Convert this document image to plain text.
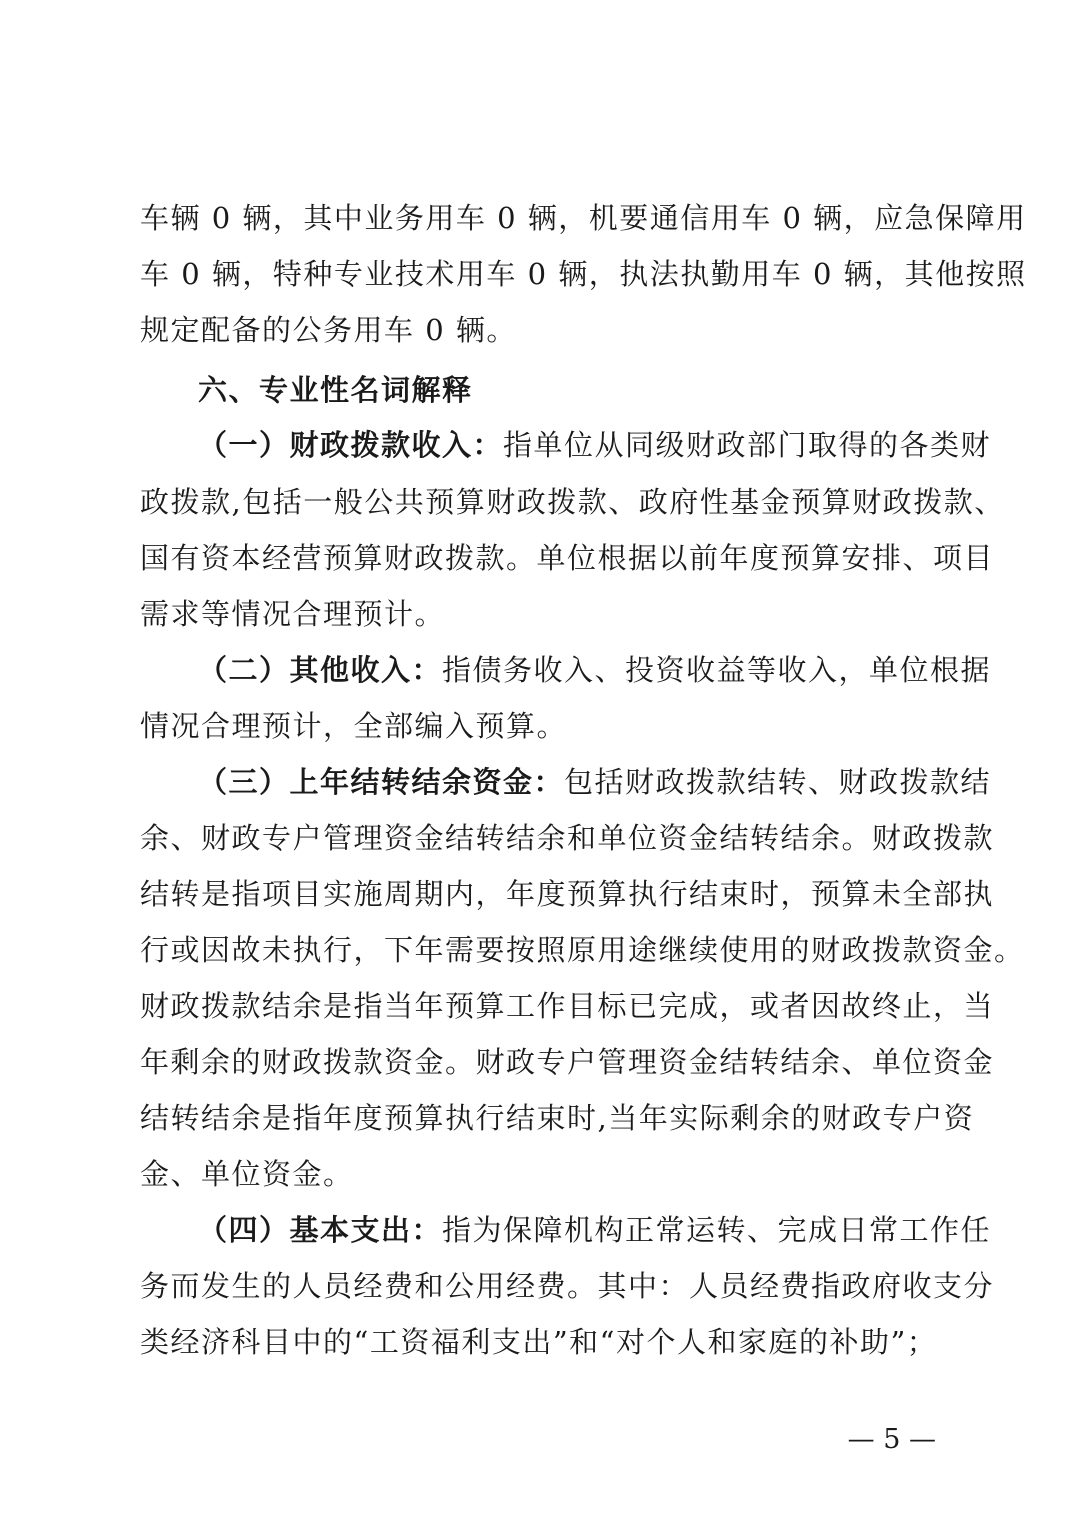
车辆 0 辆，其中业务用车 0 辆，机要通信用车 0 辆，应急保障用
车 0 辆，特种专业技术用车 0 辆，执法执勤用车 0 辆，其他按照
规定配备的公务用车 0 辆。
六、专业性名词解释
（一）财政拨款收入：指单位从同级财政部门取得的各类财
政拨款,包括一般公共预算财政拨款、政府性基金预算财政拨款、
国有资本经营预算财政拨款。单位根据以前年度预算安排、项目
需求等情况合理预计。
（二）其他收入：指债务收入、投资收益等收入，单位根据
情况合理预计，全部编入预算。
（三）上年结转结余资金：包括财政拨款结转、财政拨款结
余、财政专户管理资金结转结余和单位资金结转结余。财政拨款
结转是指项目实施周期内，年度预算执行结束时，预算未全部执
行或因故未执行，下年需要按照原用途继续使用的财政拨款资金。
财政拨款结余是指当年预算工作目标已完成，或者因故终止，当
年剩余的财政拨款资金。财政专户管理资金结转结余、单位资金
结转结余是指年度预算执行结束时,当年实际剩余的财政专户资
金、单位资金。
（四）基本支出：指为保障机构正常运转、完成日常工作任
务而发生的人员经费和公用经费。其中：人员经费指政府收支分
类经济科目中的“工资福利支出”和“对个人和家庭的补助”；
— 5 —
